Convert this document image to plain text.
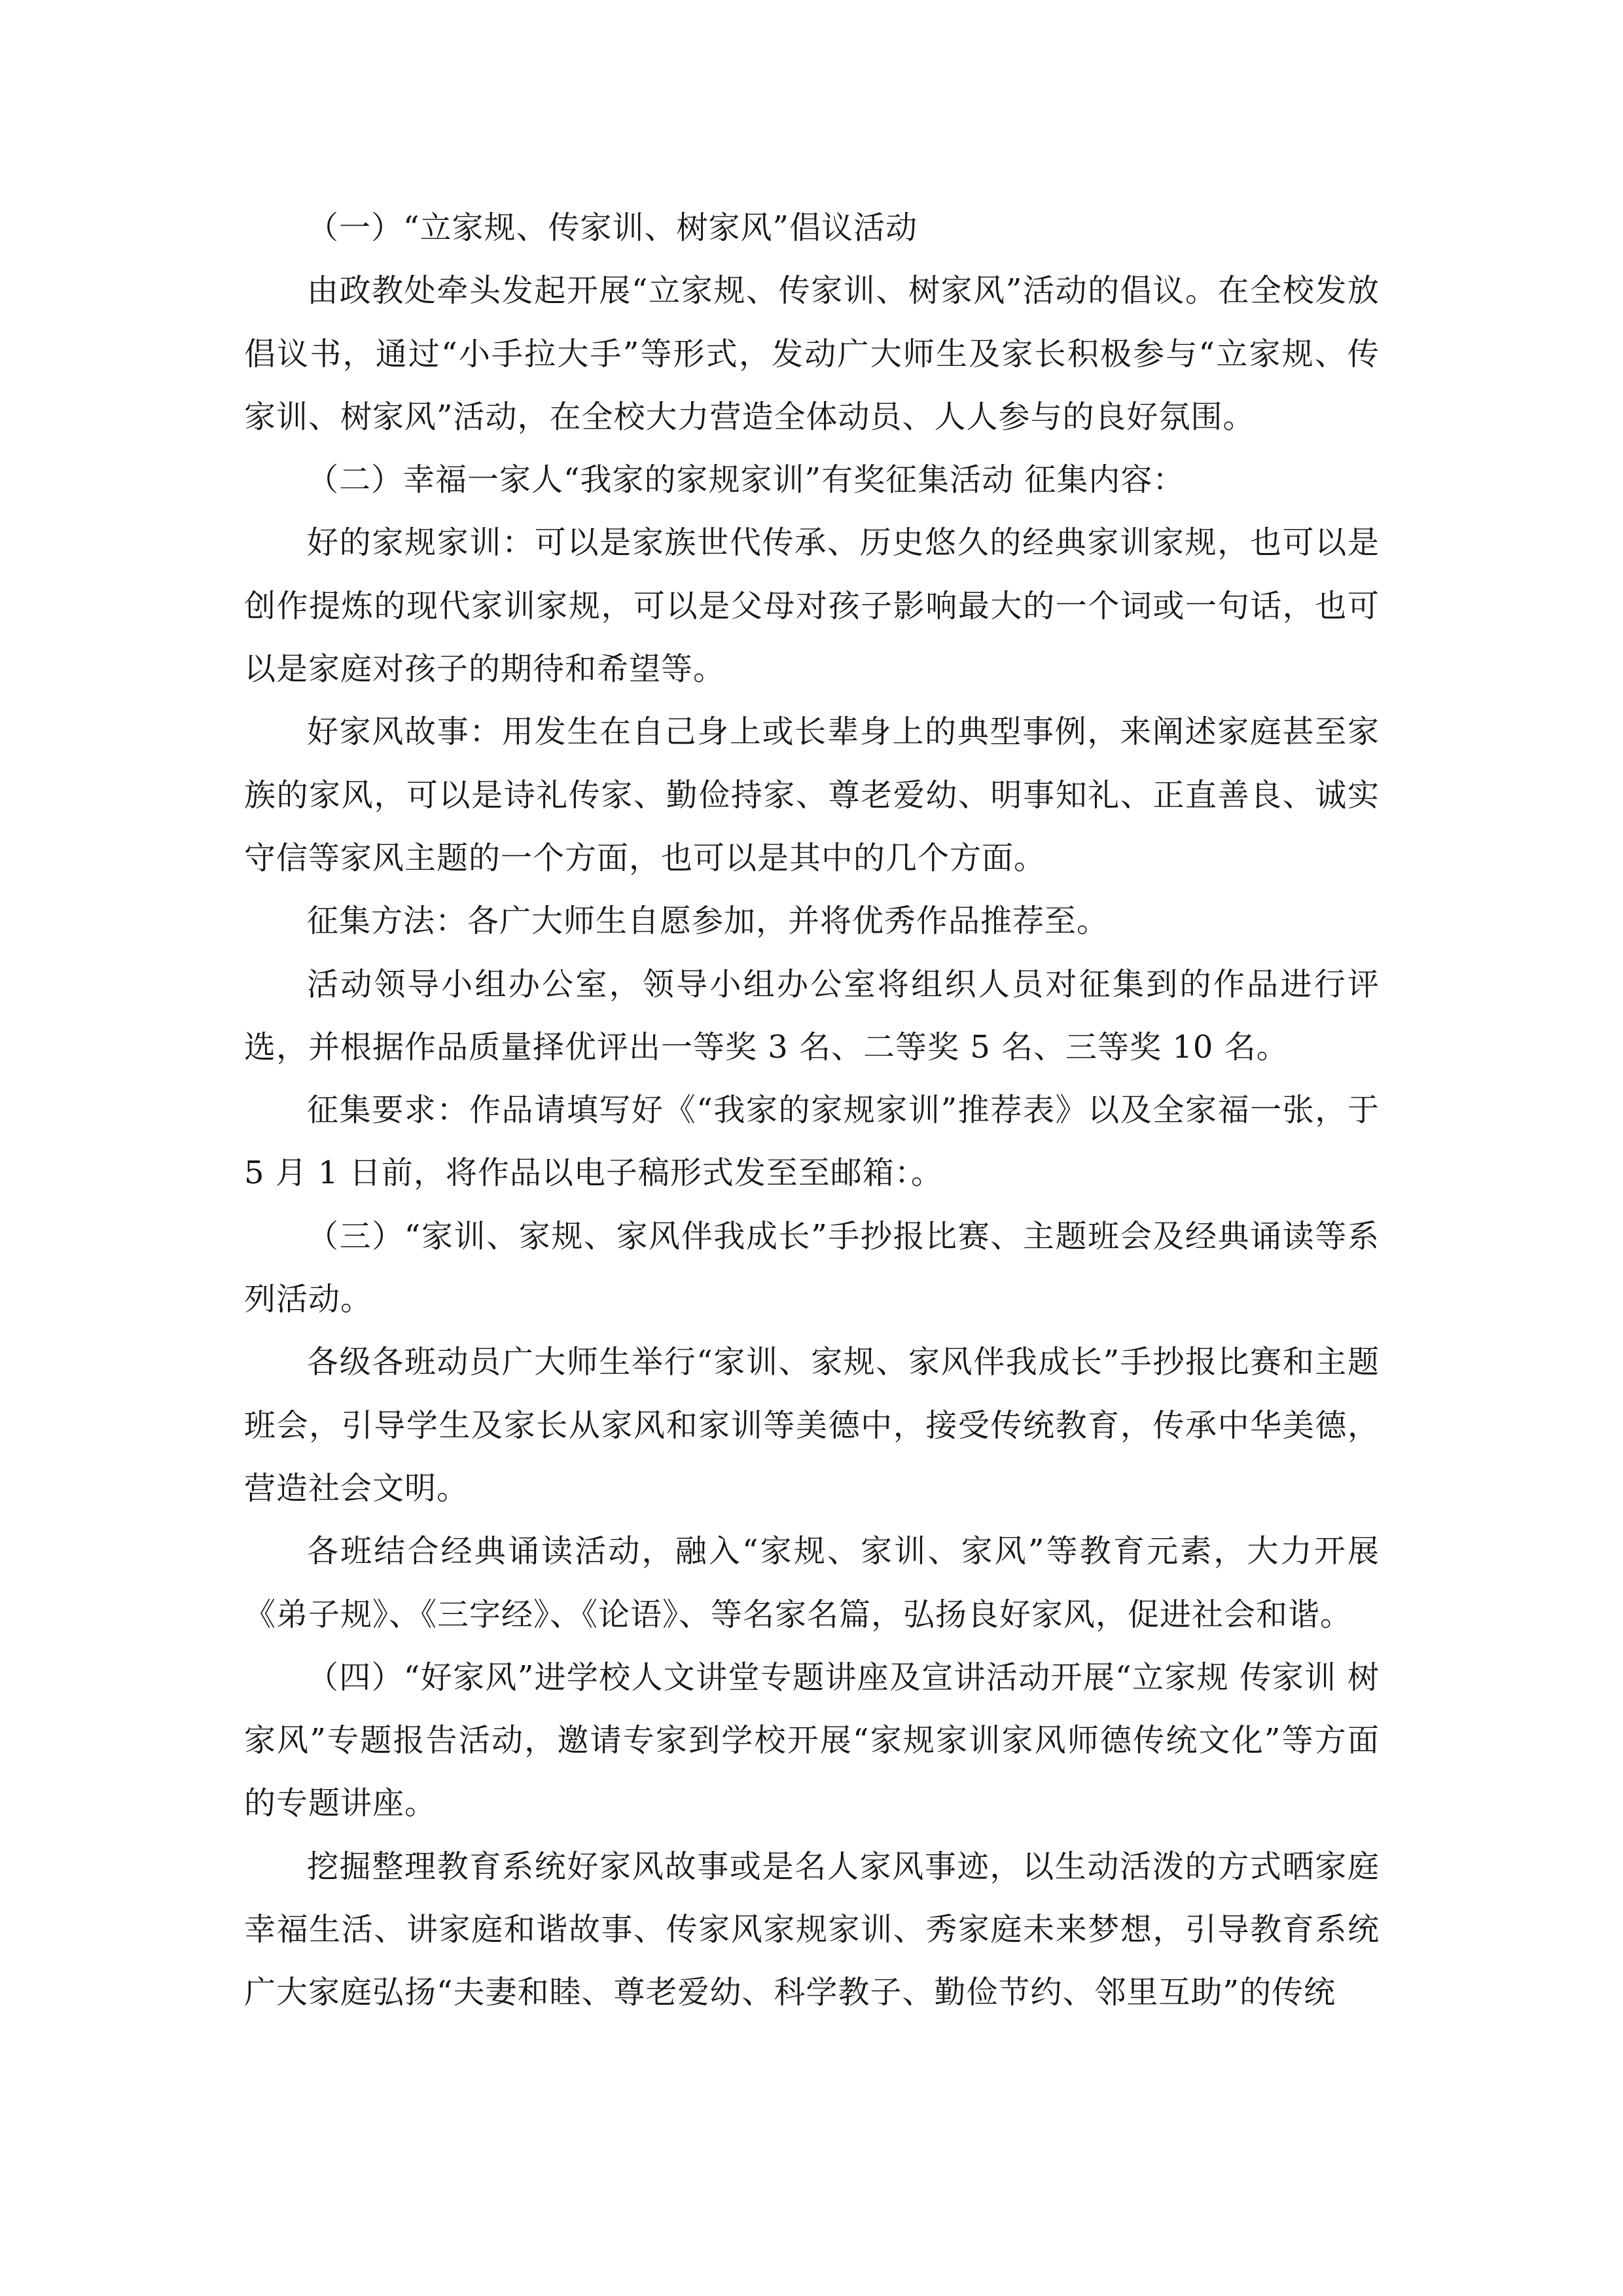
（一）“立家规、传家训、树家风”倡议活动

由政教处牵头发起开展“立家规、传家训、树家风”活动的倡议。在全校发放倡议书，通过“小手拉大手”等形式，发动广大师生及家长积极参与“立家规、传家训、树家风”活动，在全校大力营造全体动员、人人参与的良好氛围。

（二）幸福一家人“我家的家规家训”有奖征集活动 征集内容：

好的家规家训：可以是家族世代传承、历史悠久的经典家训家规，也可以是创作提炼的现代家训家规，可以是父母对孩子影响最大的一个词或一句话，也可以是家庭对孩子的期待和希望等。

好家风故事：用发生在自己身上或长辈身上的典型事例，来阐述家庭甚至家族的家风，可以是诗礼传家、勤俭持家、尊老爱幼、明事知礼、正直善良、诚实守信等家风主题的一个方面，也可以是其中的几个方面。

征集方法：各广大师生自愿参加，并将优秀作品推荐至。

活动领导小组办公室，领导小组办公室将组织人员对征集到的作品进行评选，并根据作品质量择优评出一等奖 3 名、二等奖 5 名、三等奖 10 名。

征集要求：作品请填写好《“我家的家规家训”推荐表》以及全家福一张，于 5 月 1 日前，将作品以电子稿形式发至至邮箱：。

（三）“家训、家规、家风伴我成长”手抄报比赛、主题班会及经典诵读等系列活动。

各级各班动员广大师生举行“家训、家规、家风伴我成长”手抄报比赛和主题班会，引导学生及家长从家风和家训等美德中，接受传统教育，传承中华美德，营造社会文明。

各班结合经典诵读活动，融入“家规、家训、家风”等教育元素，大力开展《弟子规》、《三字经》、《论语》、等名家名篇，弘扬良好家风，促进社会和谐。

（四）“好家风”进学校人文讲堂专题讲座及宣讲活动开展“立家规 传家训 树家风”专题报告活动，邀请专家到学校开展“家规家训家风师德传统文化”等方面的专题讲座。

挖掘整理教育系统好家风故事或是名人家风事迹，以生动活泼的方式晒家庭幸福生活、讲家庭和谐故事、传家风家规家训、秀家庭未来梦想，引导教育系统广大家庭弘扬“夫妻和睦、尊老爱幼、科学教子、勤俭节约、邻里互助”的传统
